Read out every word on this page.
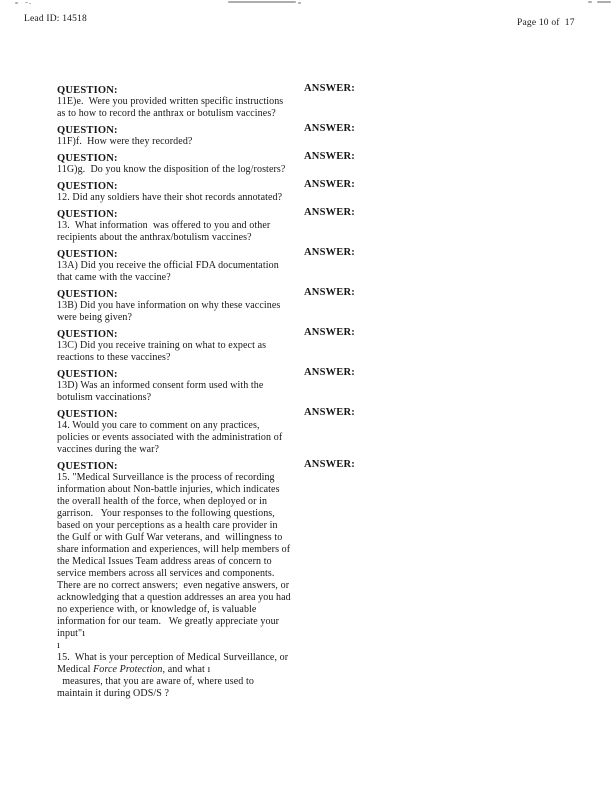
Lead ID: 14518	Page 10 of  17
QUESTION:	ANSWER:
11E)e.  Were you provided written specific instructions
as to how to record the anthrax or botulism vaccines?
QUESTION:	ANSWER:
11F)f.  How were they recorded?
QUESTION:	ANSWER:
11G)g.  Do you know the disposition of the log/rosters?
QUESTION:	ANSWER:
12. Did any soldiers have their shot records annotated?
QUESTION:	ANSWER:
13.  What information  was offered to you and other
recipients about the anthrax/botulism vaccines?
QUESTION:	ANSWER:
13A) Did you receive the official FDA documentation
that came with the vaccine?
QUESTION:	ANSWER:
13B) Did you have information on why these vaccines
were being given?
QUESTION:	ANSWER:
13C) Did you receive training on what to expect as
reactions to these vaccines?
QUESTION:	ANSWER:
13D) Was an informed consent form used with the
botulism vaccinations?
QUESTION:	ANSWER:
14. Would you care to comment on any practices,
policies or events associated with the administration of
vaccines during the war?
QUESTION:	ANSWER:
15. "Medical Surveillance is the process of recording
information about Non-battle injuries, which indicates
the overall health of the force, when deployed or in
garrison.   Your responses to the following questions,
based on your perceptions as a health care provider in
the Gulf or with Gulf War veterans, and  willingness to
share information and experiences, will help members of
the Medical Issues Team address areas of concern to
service members across all services and components.
There are no correct answers;  even negative answers, or
acknowledging that a question addresses an area you had
no experience with, or knowledge of, is valuable
information for our team.   We greatly appreciate your
input"ı
ı
15.  What is your perception of Medical Surveillance, or
Medical Force Protection, and what ı
measures, that you are aware of, where used to
maintain it during ODS/S ?
